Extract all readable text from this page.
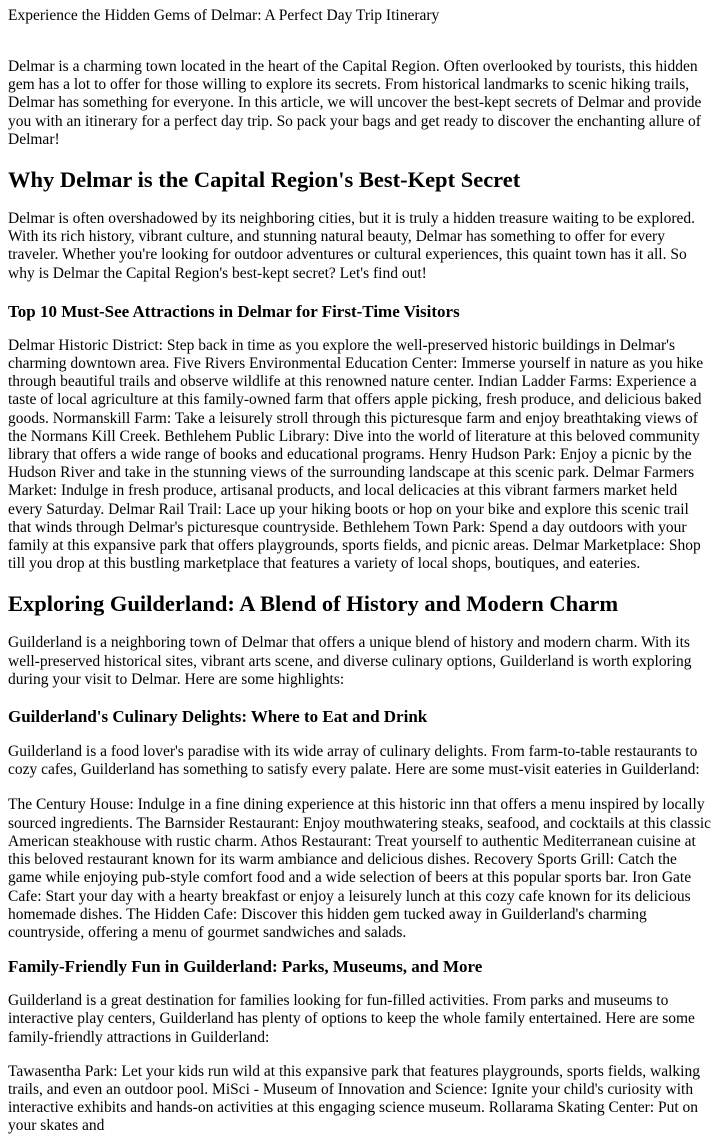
Experience the Hidden Gems of Delmar: A Perfect Day Trip Itinerary

Delmar is a charming town located in the heart of the Capital Region. Often overlooked by tourists, this hidden gem has a lot to offer for those willing to explore its secrets. From historical landmarks to scenic hiking trails, Delmar has something for everyone. In this article, we will uncover the best-kept secrets of Delmar and provide you with an itinerary for a perfect day trip. So pack your bags and get ready to discover the enchanting allure of Delmar!

Why Delmar is the Capital Region's Best-Kept Secret

Delmar is often overshadowed by its neighboring cities, but it is truly a hidden treasure waiting to be explored. With its rich history, vibrant culture, and stunning natural beauty, Delmar has something to offer for every traveler. Whether you're looking for outdoor adventures or cultural experiences, this quaint town has it all. So why is Delmar the Capital Region's best-kept secret? Let's find out!

Top 10 Must-See Attractions in Delmar for First-Time Visitors

Delmar Historic District: Step back in time as you explore the well-preserved historic buildings in Delmar's charming downtown area. Five Rivers Environmental Education Center: Immerse yourself in nature as you hike through beautiful trails and observe wildlife at this renowned nature center. Indian Ladder Farms: Experience a taste of local agriculture at this family-owned farm that offers apple picking, fresh produce, and delicious baked goods. Normanskill Farm: Take a leisurely stroll through this picturesque farm and enjoy breathtaking views of the Normans Kill Creek. Bethlehem Public Library: Dive into the world of literature at this beloved community library that offers a wide range of books and educational programs. Henry Hudson Park: Enjoy a picnic by the Hudson River and take in the stunning views of the surrounding landscape at this scenic park. Delmar Farmers Market: Indulge in fresh produce, artisanal products, and local delicacies at this vibrant farmers market held every Saturday. Delmar Rail Trail: Lace up your hiking boots or hop on your bike and explore this scenic trail that winds through Delmar's picturesque countryside. Bethlehem Town Park: Spend a day outdoors with your family at this expansive park that offers playgrounds, sports fields, and picnic areas. Delmar Marketplace: Shop till you drop at this bustling marketplace that features a variety of local shops, boutiques, and eateries.

Exploring Guilderland: A Blend of History and Modern Charm

Guilderland is a neighboring town of Delmar that offers a unique blend of history and modern charm. With its well-preserved historical sites, vibrant arts scene, and diverse culinary options, Guilderland is worth exploring during your visit to Delmar. Here are some highlights:

Guilderland's Culinary Delights: Where to Eat and Drink

Guilderland is a food lover's paradise with its wide array of culinary delights. From farm-to-table restaurants to cozy cafes, Guilderland has something to satisfy every palate. Here are some must-visit eateries in Guilderland:

The Century House: Indulge in a fine dining experience at this historic inn that offers a menu inspired by locally sourced ingredients. The Barnsider Restaurant: Enjoy mouthwatering steaks, seafood, and cocktails at this classic American steakhouse with rustic charm. Athos Restaurant: Treat yourself to authentic Mediterranean cuisine at this beloved restaurant known for its warm ambiance and delicious dishes. Recovery Sports Grill: Catch the game while enjoying pub-style comfort food and a wide selection of beers at this popular sports bar. Iron Gate Cafe: Start your day with a hearty breakfast or enjoy a leisurely lunch at this cozy cafe known for its delicious homemade dishes. The Hidden Cafe: Discover this hidden gem tucked away in Guilderland's charming countryside, offering a menu of gourmet sandwiches and salads.

Family-Friendly Fun in Guilderland: Parks, Museums, and More

Guilderland is a great destination for families looking for fun-filled activities. From parks and museums to interactive play centers, Guilderland has plenty of options to keep the whole family entertained. Here are some family-friendly attractions in Guilderland:

Tawasentha Park: Let your kids run wild at this expansive park that features playgrounds, sports fields, walking trails, and even an outdoor pool. MiSci - Museum of Innovation and Science: Ignite your child's curiosity with interactive exhibits and hands-on activities at this engaging science museum. Rollarama Skating Center: Put on your skates and
